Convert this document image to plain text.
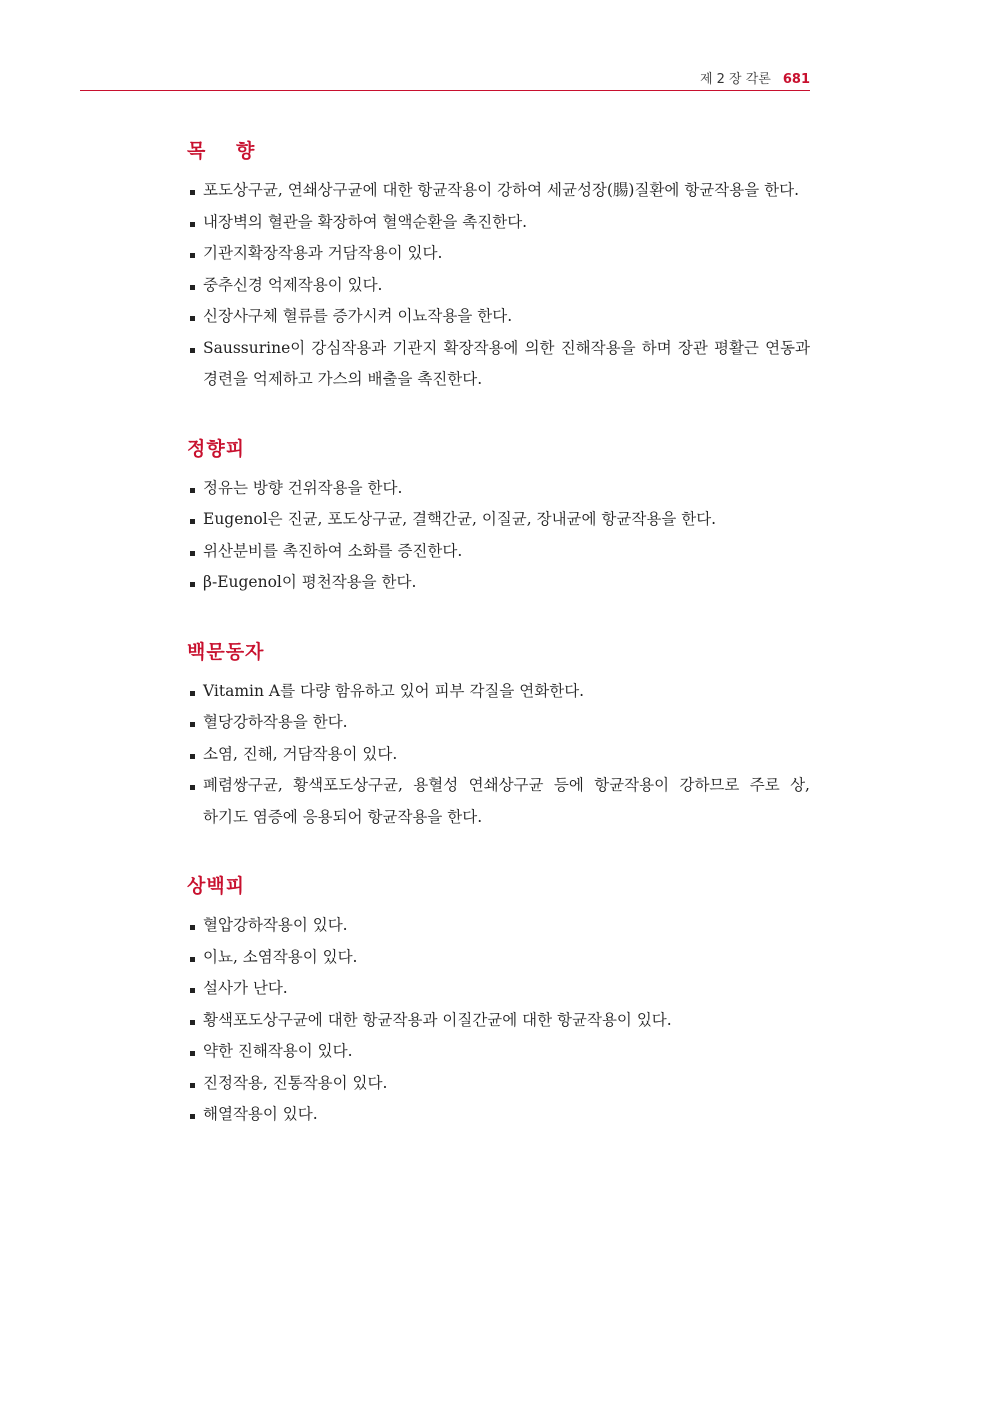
제 2 장 각론 681
목 향
포도상구균, 연쇄상구균에 대한 항균작용이 강하여 세균성장(腸)질환에 항균작용을 한다.
내장벽의 혈관을 확장하여 혈액순환을 촉진한다.
기관지확장작용과 거담작용이 있다.
중추신경 억제작용이 있다.
신장사구체 혈류를 증가시켜 이뇨작용을 한다.
Saussurine이 강심작용과 기관지 확장작용에 의한 진해작용을 하며 장관 평활근 연동과 경련을 억제하고 가스의 배출을 촉진한다.
정향피
정유는 방향 건위작용을 한다.
Eugenol은 진균, 포도상구균, 결핵간균, 이질균, 장내균에 항균작용을 한다.
위산분비를 촉진하여 소화를 증진한다.
β-Eugenol이 평천작용을 한다.
백문동자
Vitamin A를 다량 함유하고 있어 피부 각질을 연화한다.
혈당강하작용을 한다.
소염, 진해, 거담작용이 있다.
폐렴쌍구균, 황색포도상구균, 용혈성 연쇄상구균 등에 항균작용이 강하므로 주로 상, 하기도 염증에 응용되어 항균작용을 한다.
상백피
혈압강하작용이 있다.
이뇨, 소염작용이 있다.
설사가 난다.
황색포도상구균에 대한 항균작용과 이질간균에 대한 항균작용이 있다.
약한 진해작용이 있다.
진정작용, 진통작용이 있다.
해열작용이 있다.
